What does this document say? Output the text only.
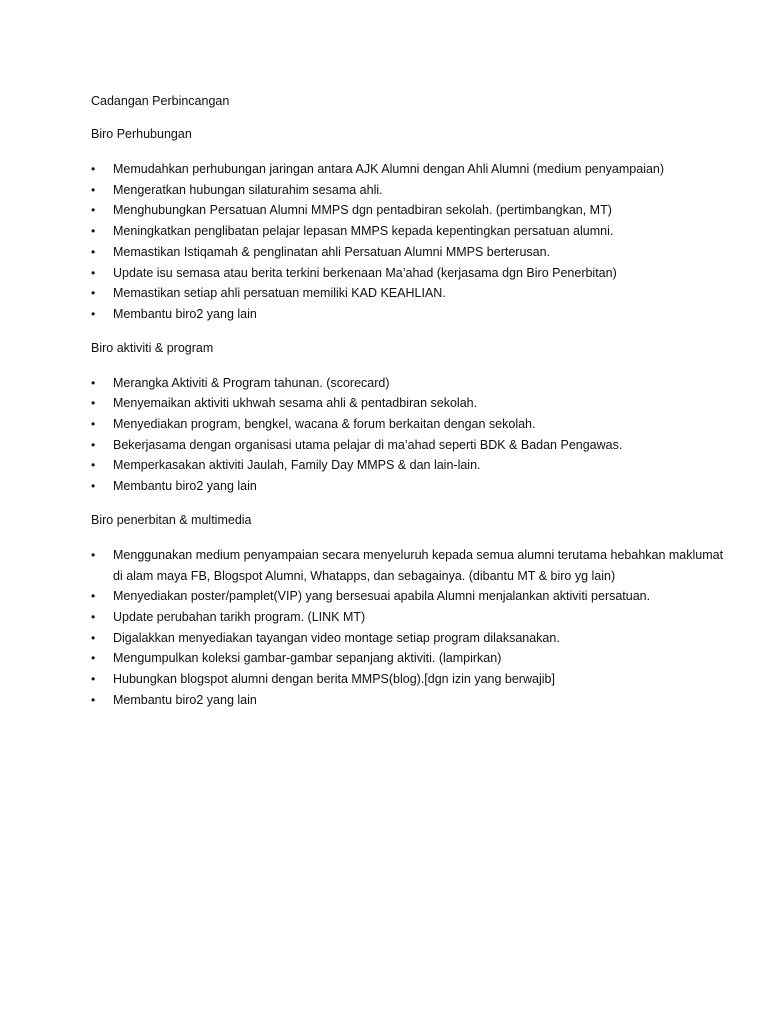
Cadangan Perbincangan
Biro Perhubungan
•	Memudahkan perhubungan jaringan antara AJK Alumni dengan Ahli Alumni (medium penyampaian)
•	Mengeratkan hubungan silaturahim sesama ahli.
•	Menghubungkan Persatuan Alumni MMPS dgn pentadbiran sekolah. (pertimbangkan, MT)
•	Meningkatkan penglibatan pelajar lepasan MMPS kepada kepentingkan persatuan alumni.
•	Memastikan Istiqamah & penglinatan ahli Persatuan Alumni MMPS berterusan.
•	Update isu semasa atau berita terkini berkenaan Ma’ahad (kerjasama dgn Biro Penerbitan)
•	Memastikan setiap ahli persatuan memiliki KAD KEAHLIAN.
•	Membantu biro2 yang lain
Biro aktiviti & program
•	Merangka Aktiviti & Program tahunan. (scorecard)
•	Menyemaikan aktiviti ukhwah sesama ahli & pentadbiran sekolah.
•	Menyediakan program, bengkel, wacana & forum berkaitan dengan sekolah.
•	Bekerjasama dengan organisasi utama pelajar di ma’ahad seperti BDK & Badan Pengawas.
•	Memperkasakan aktiviti Jaulah, Family Day MMPS & dan lain-lain.
•	Membantu biro2 yang lain
Biro penerbitan & multimedia
•	Menggunakan medium penyampaian secara menyeluruh kepada semua alumni terutama hebahkan maklumat di alam maya FB, Blogspot Alumni, Whatapps, dan sebagainya. (dibantu MT & biro yg lain)
•	Menyediakan poster/pamplet(VIP) yang bersesuai apabila Alumni menjalankan aktiviti persatuan.
•	Update perubahan tarikh program. (LINK MT)
•	Digalakkan menyediakan tayangan video montage setiap program dilaksanakan.
•	Mengumpulkan koleksi gambar-gambar sepanjang aktiviti. (lampirkan)
•	Hubungkan blogspot alumni dengan berita MMPS(blog).[dgn izin yang berwajib]
•	Membantu biro2 yang lain
